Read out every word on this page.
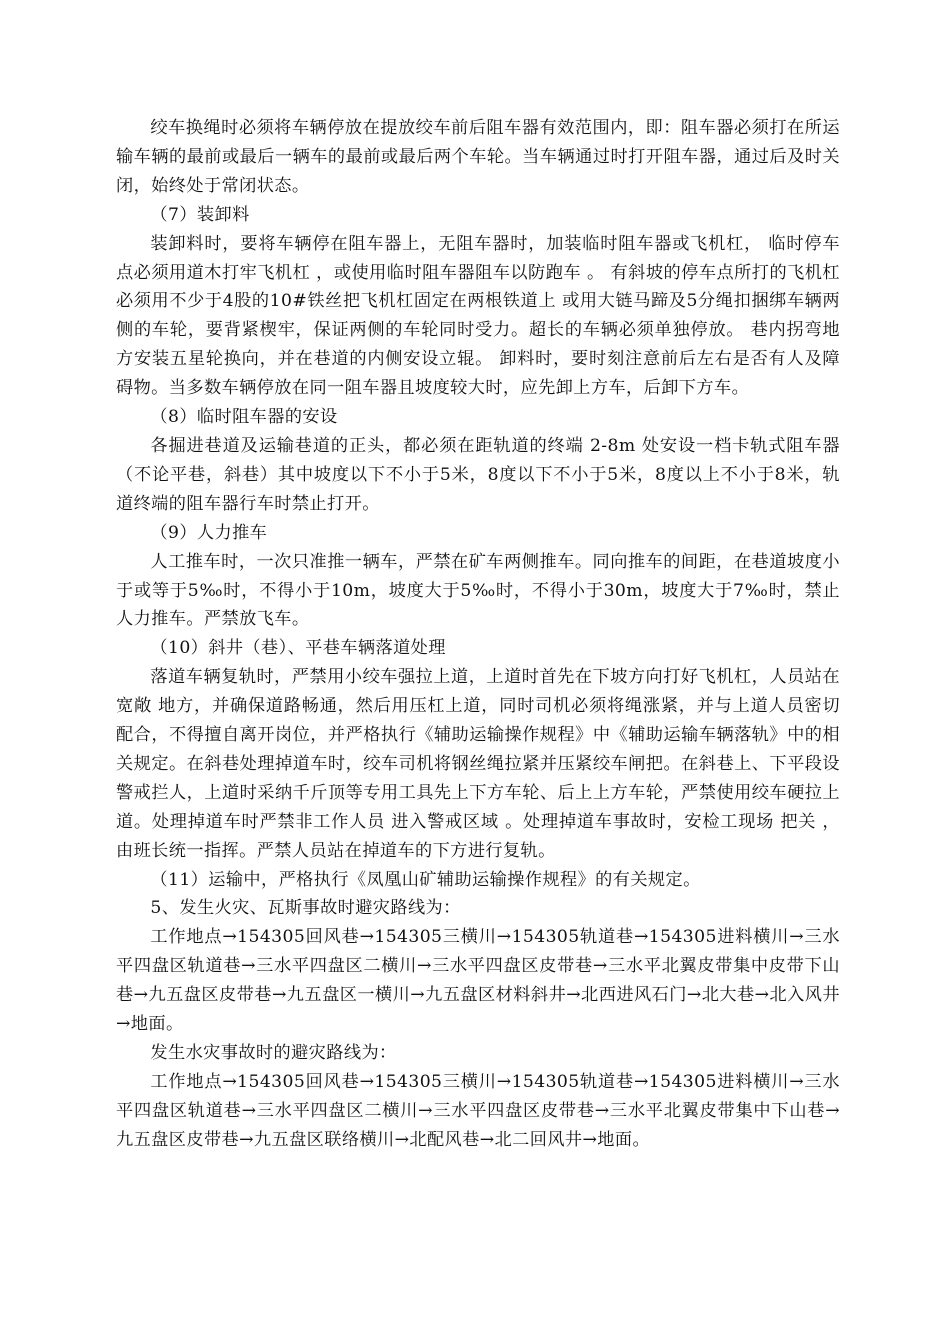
绞车换绳时必须将车辆停放在提放绞车前后阻车器有效范围内，即：阻车器必须打在所运输车辆的最前或最后一辆车的最前或最后两个车轮。当车辆通过时打开阻车器，通过后及时关闭，始终处于常闭状态。

（7）装卸料

装卸料时，要将车辆停在阻车器上，无阻车器时，加装临时阻车器或飞机杠， 临时停车点必须用道木打牢飞机杠 ，或使用临时阻车器阻车以防跑车 。 有斜坡的停车点所打的飞机杠必须用不少于4股的10#铁丝把飞机杠固定在两根铁道上 或用大链马蹄及5分绳扣捆绑车辆两侧的车轮，要背紧楔牢，保证两侧的车轮同时受力。超长的车辆必须单独停放。 巷内拐弯地方安装五星轮换向，并在巷道的内侧安设立辊。 卸料时，要时刻注意前后左右是否有人及障碍物。当多数车辆停放在同一阻车器且坡度较大时，应先卸上方车，后卸下方车。

（8）临时阻车器的安设

各掘进巷道及运输巷道的正头，都必须在距轨道的终端 2-8m 处安设一档卡轨式阻车器（不论平巷，斜巷）其中坡度以下不小于5米，8度以下不小于5米，8度以上不小于8米，轨道终端的阻车器行车时禁止打开。

（9）人力推车

人工推车时，一次只准推一辆车，严禁在矿车两侧推车。同向推车的间距，在巷道坡度小于或等于5‰时，不得小于10m，坡度大于5‰时，不得小于30m，坡度大于7‰时，禁止人力推车。严禁放飞车。

（10）斜井（巷）、平巷车辆落道处理

落道车辆复轨时，严禁用小绞车强拉上道，上道时首先在下坡方向打好飞机杠，人员站在 宽敞 地方，并确保道路畅通，然后用压杠上道，同时司机必须将绳涨紧，并与上道人员密切配合，不得擅自离开岗位，并严格执行《辅助运输操作规程》中《辅助运输车辆落轨》中的相关规定。在斜巷处理掉道车时，绞车司机将钢丝绳拉紧并压紧绞车闸把。在斜巷上、下平段设警戒拦人，上道时采纳千斤顶等专用工具先上下方车轮、后上上方车轮，严禁使用绞车硬拉上道。处理掉道车时严禁非工作人员 进入警戒区域 。处理掉道车事故时，安检工现场 把关 ，由班长统一指挥。严禁人员站在掉道车的下方进行复轨。

（11）运输中，严格执行《凤凰山矿辅助运输操作规程》的有关规定。

5、发生火灾、瓦斯事故时避灾路线为：

工作地点→154305回风巷→154305三横川→154305轨道巷→154305进料横川→三水平四盘区轨道巷→三水平四盘区二横川→三水平四盘区皮带巷→三水平北翼皮带集中皮带下山巷→九五盘区皮带巷→九五盘区一横川→九五盘区材料斜井→北西进风石门→北大巷→北入风井→地面。

发生水灾事故时的避灾路线为：

工作地点→154305回风巷→154305三横川→154305轨道巷→154305进料横川→三水平四盘区轨道巷→三水平四盘区二横川→三水平四盘区皮带巷→三水平北翼皮带集中下山巷→九五盘区皮带巷→九五盘区联络横川→北配风巷→北二回风井→地面。
